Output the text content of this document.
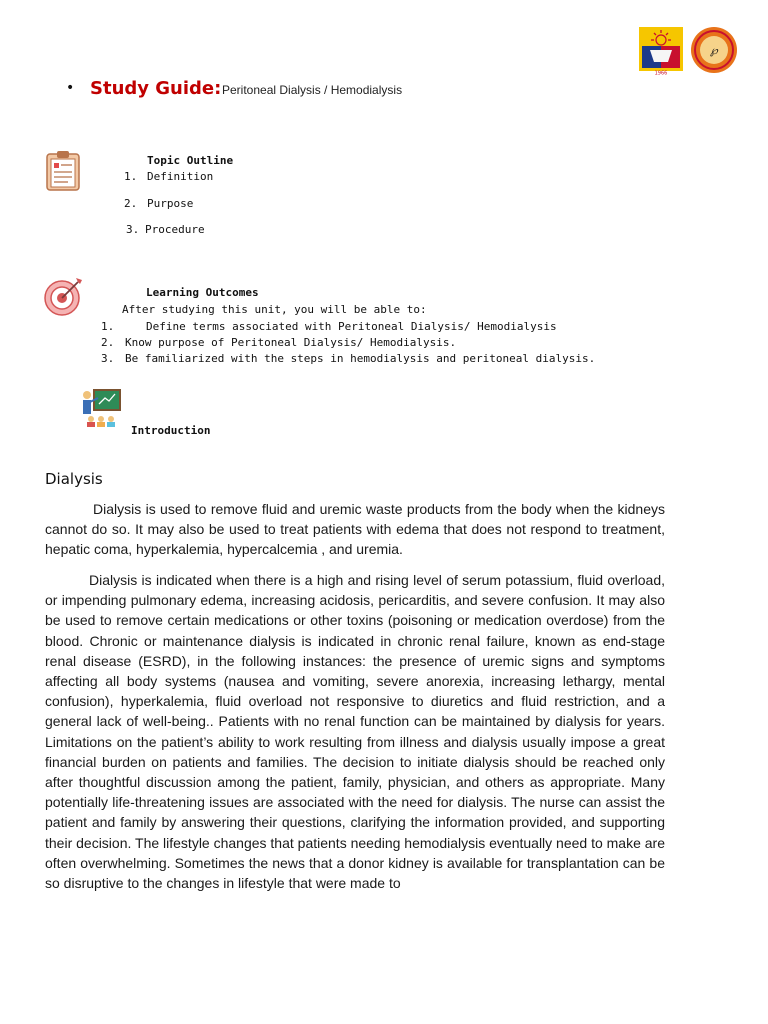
• Study Guide: Peritoneal Dialysis / Hemodialysis
1966
℘
Topic Outline
1. Definition
2. Purpose
3. Procedure
Learning Outcomes
After studying this unit, you will be able to:
1.	Define terms associated with Peritoneal Dialysis/ Hemodialysis
2. Know purpose of Peritoneal Dialysis/ Hemodialysis.
3. Be familiarized with the steps in hemodialysis and peritoneal dialysis.
Introduction
Dialysis
Dialysis is used to remove fluid and uremic waste products from the body when the kidneys cannot do so. It may also be used to treat patients with edema that does not respond to treatment, hepatic coma, hyperkalemia, hypercalcemia , and uremia.
Dialysis is indicated when there is a high and rising level of serum potassium, fluid overload, or impending pulmonary edema, increasing acidosis, pericarditis, and severe confusion. It may also be used to remove certain medications or other toxins (poisoning or medication overdose) from the blood. Chronic or maintenance dialysis is indicated in chronic renal failure, known as end-stage renal disease (ESRD), in the following instances: the presence of uremic signs and symptoms affecting all body systems (nausea and vomiting, severe anorexia, increasing lethargy, mental confusion), hyperkalemia, fluid overload not responsive to diuretics and fluid restriction, and a general lack of well-being.. Patients with no renal function can be maintained by dialysis for years. Limitations on the patient’s ability to work resulting from illness and dialysis usually impose a great financial burden on patients and families. The decision to initiate dialysis should be reached only after thoughtful discussion among the patient, family, physician, and others as appropriate. Many potentially life-threatening issues are associated with the need for dialysis. The nurse can assist the patient and family by answering their questions, clarifying the information provided, and supporting their decision. The lifestyle changes that patients needing hemodialysis eventually need to make are often overwhelming. Sometimes the news that a donor kidney is available for transplantation can be so disruptive to the changes in lifestyle that were made to
